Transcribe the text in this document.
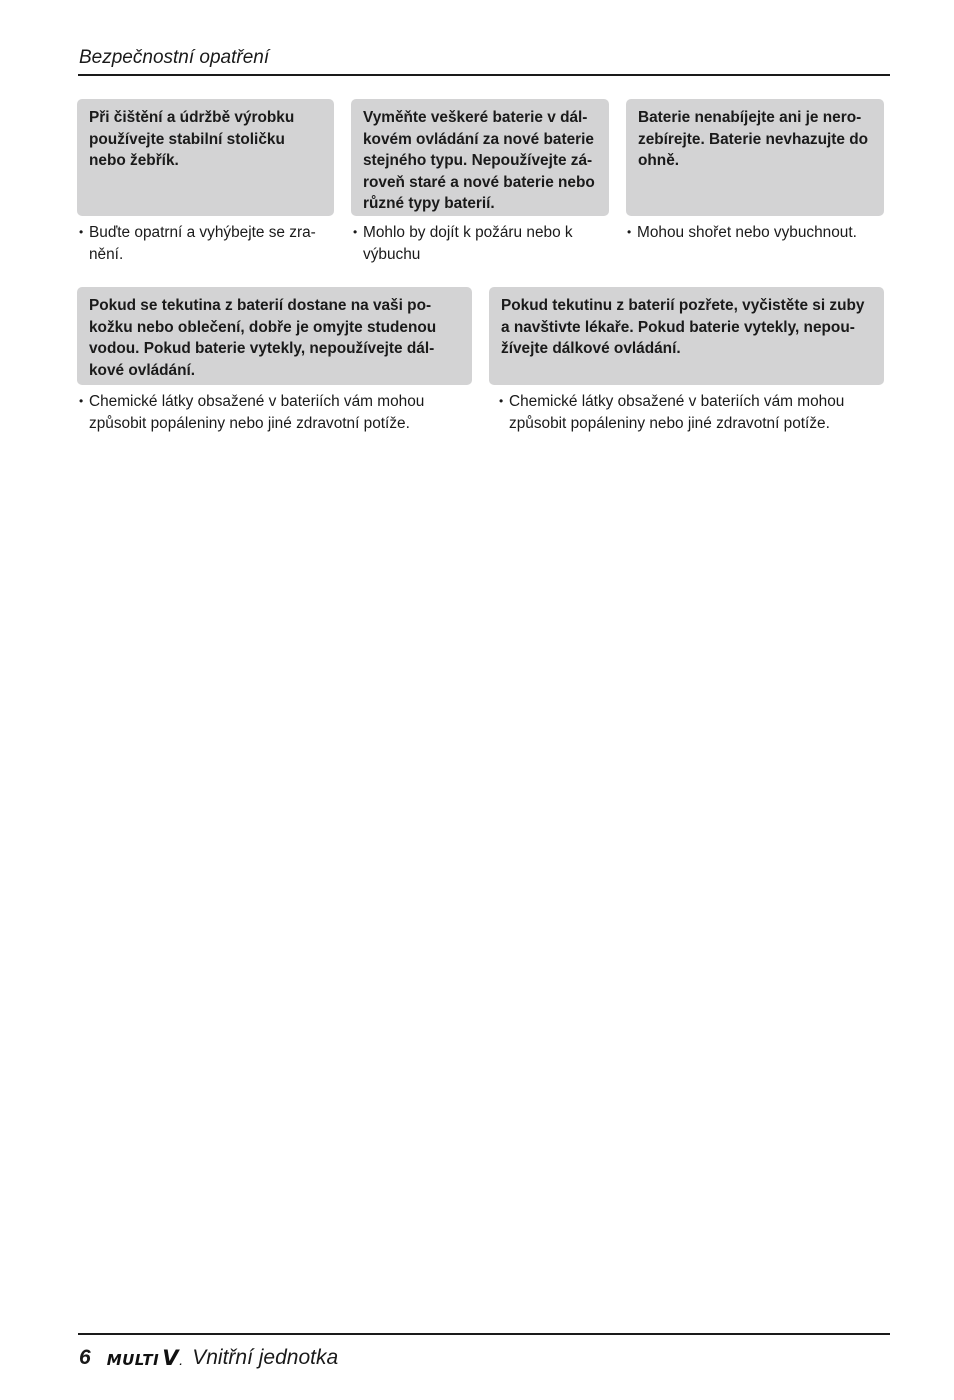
Bezpečnostní opatření
Při čištění a údržbě výrobku
používejte stabilní stoličku
nebo žebřík.
• Buďte opatrní a vyhýbejte se zra-
nění.
Vyměňte veškeré baterie v dál-
kovém ovládání za nové baterie
stejného typu. Nepoužívejte zá-
roveň staré a nové baterie nebo
různé typy baterií.
• Mohlo by dojít k požáru nebo k
výbuchu
Baterie nenabíjejte ani je nero-
zebírejte. Baterie nevhazujte do
ohně.
• Mohou shořet nebo vybuchnout.
Pokud se tekutina z baterií dostane na vaši po-
kožku nebo oblečení, dobře je omyjte studenou
vodou. Pokud baterie vytekly, nepoužívejte dál-
kové ovládání.
• Chemické látky obsažené v bateriích vám mohou
způsobit popáleniny nebo jiné zdravotní potíže.
Pokud tekutinu z baterií pozřete, vyčistěte si zuby
a navštivte lékaře. Pokud baterie vytekly, nepou-
žívejte dálkové ovládání.
• Chemické látky obsažené v bateriích vám mohou
způsobit popáleniny nebo jiné zdravotní potíže.
6 MULTI V . Vnitřní jednotka
